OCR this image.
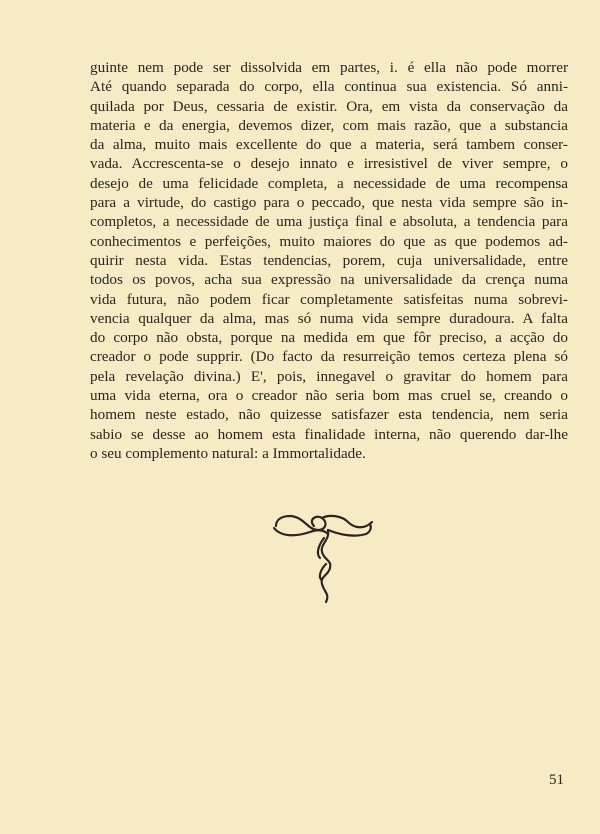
guinte nem pode ser dissolvida em partes, i. é ella não pode morrer
Até quando separada do corpo, ella continua sua existencia. Só anni-
quilada por Deus, cessaria de existir. Ora, em vista da conservação da
materia e da energia, devemos dizer, com mais razão, que a substancia
da alma, muito mais excellente do que a materia, será tambem conser-
vada. Accrescenta-se o desejo innato e irresistivel de viver sempre, o
desejo de uma felicidade completa, a necessidade de uma recompensa
para a virtude, do castigo para o peccado, que nesta vida sempre são in-
completos, a necessidade de uma justiça final e absoluta, a tendencia para
conhecimentos e perfeições, muito maiores do que as que podemos ad-
quirir nesta vida. Estas tendencias, porem, cuja universalidade, entre
todos os povos, acha sua expressão na universalidade da crença numa
vida futura, não podem ficar completamente satisfeitas numa sobrevi-
vencia qualquer da alma, mas só numa vida sempre duradoura. A falta
do corpo não obsta, porque na medida em que fôr preciso, a acção do
creador o pode supprir. (Do facto da resurreição temos certeza plena só
pela revelação divina.) E', pois, innegavel o gravitar do homem para
uma vida eterna, ora o creador não seria bom mas cruel se, creando o
homem neste estado, não quizesse satisfazer esta tendencia, nem seria
sabio se desse ao homem esta finalidade interna, não querendo dar-lhe
o seu complemento natural: a Immortalidade.
51
